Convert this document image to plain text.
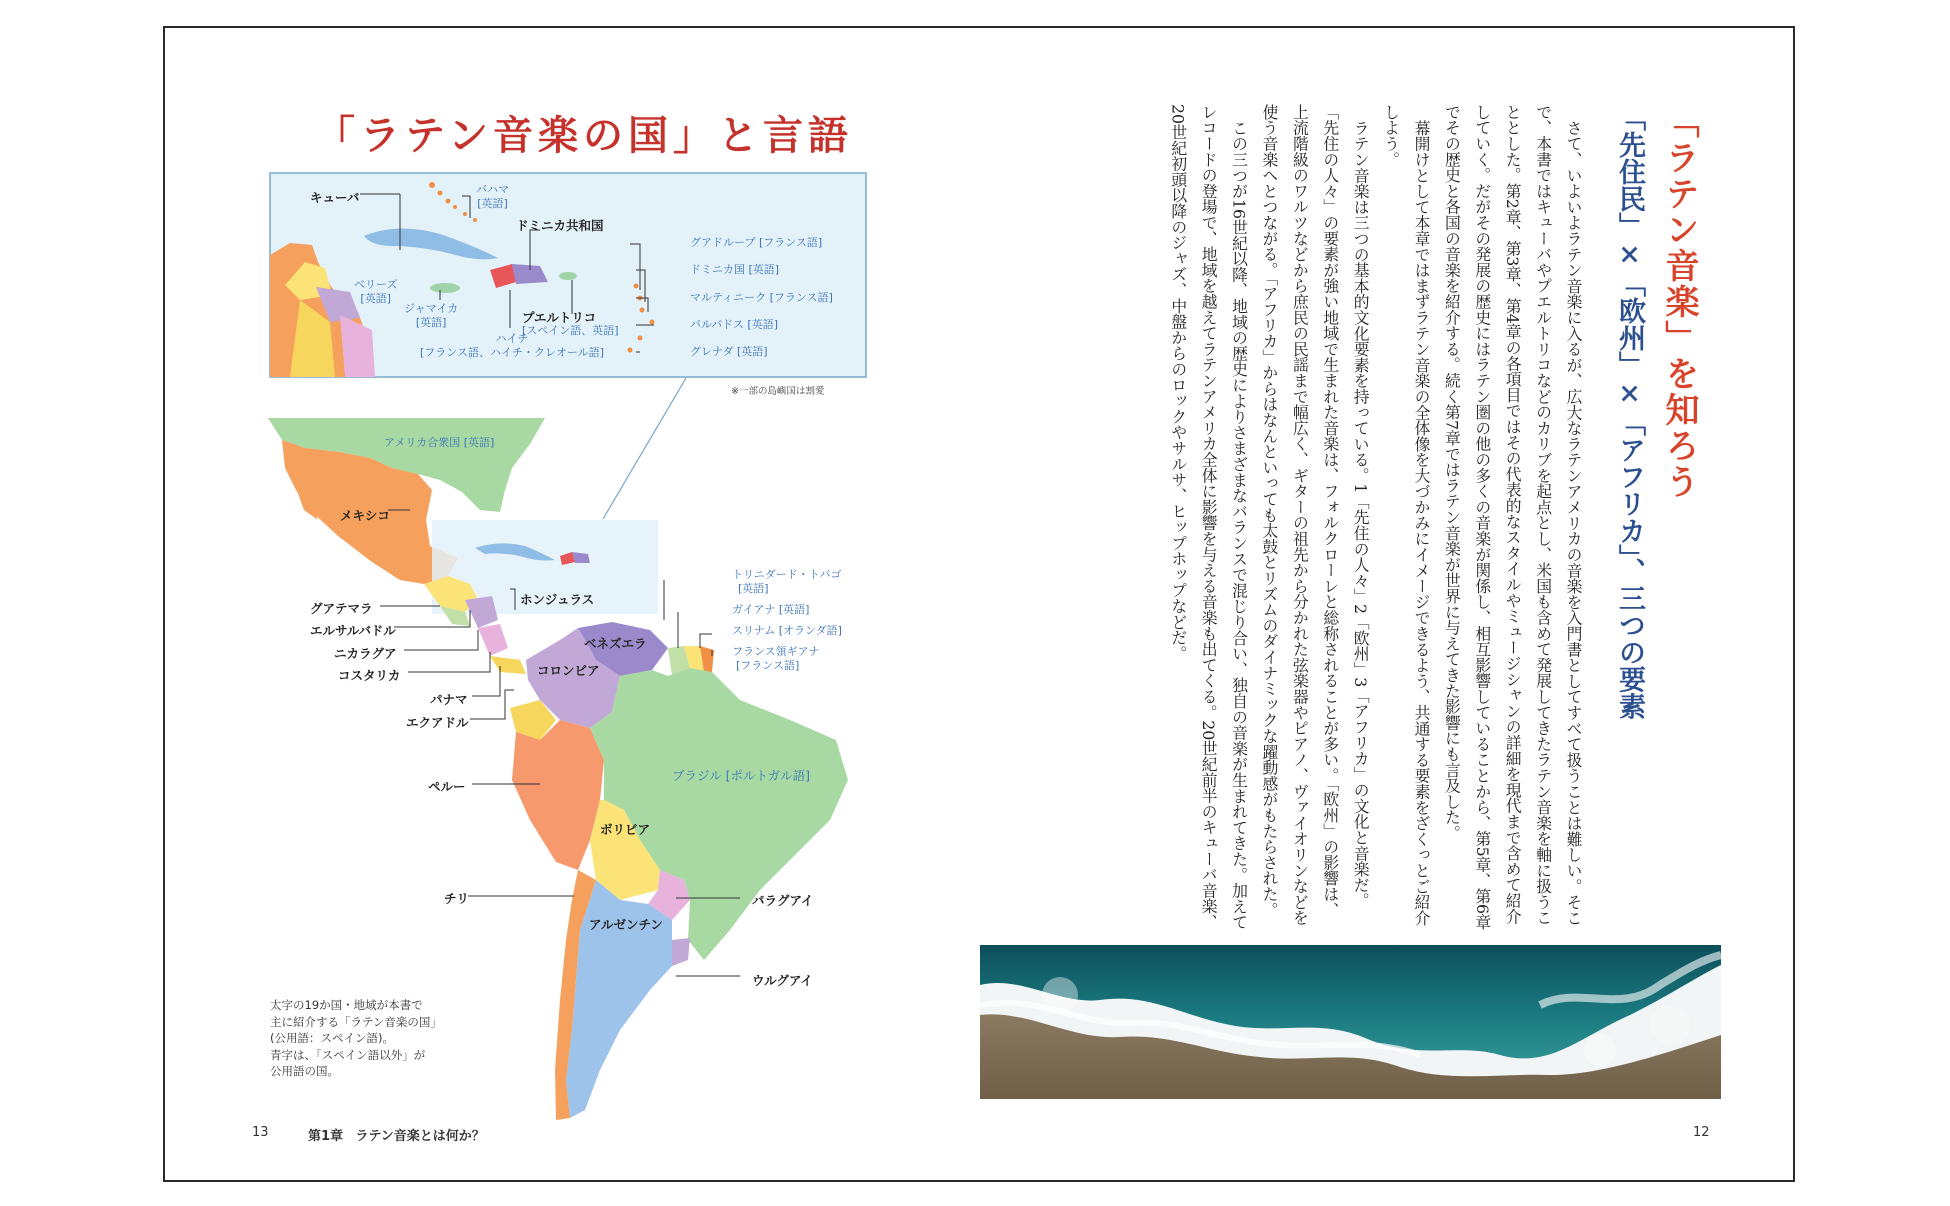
「ラテン音楽の国」と言語
キューバ
バハマ
[英語]
ドミニカ共和国
ベリーズ
[英語]
ジャマイカ
[英語]
ハイチ
[フランス語、ハイチ・クレオール語]
プエルトリコ
[スペイン語、英語]
グアドループ [フランス語]
ドミニカ国 [英語]
マルティニーク [フランス語]
バルバドス [英語]
グレナダ [英語]
※一部の島嶼国は割愛
アメリカ合衆国 [英語]
メキシコ
ホンジュラス
グアテマラ
エルサルバドル
ニカラグア
コスタリカ
パナマ
エクアドル
ベネズエラ
コロンビア
トリニダード・トバゴ
[英語]
ガイアナ [英語]
スリナム [オランダ語]
フランス領ギアナ
[フランス語]
ブラジル [ポルトガル語]
ペルー
ボリビア
チリ	パラグアイ
アルゼンチン
ウルグアイ
太字の19か国・地域が本書で
主に紹介する「ラテン音楽の国」
(公用語：スペイン語)。
青字は、「スペイン語以外」が
公用語の国。
13	第1章 ラテン音楽とは何か？	12
「ラテン音楽」を知ろう
「先住民」×「欧州」×「アフリカ」、三つの要素

さて、いよいよラテン音楽に入るが、広大なラテンアメリカの音楽を入門書としてすべて扱うことは難しい。そこで、本書ではキューバやプエルトリコなどのカリブを起点とし、米国も含めて発展してきたラテン音楽を軸に扱うこととした。第2章、第3章、第4章の各項目ではその代表的なスタイルやミュージシャンの詳細を現代まで含めて紹介していく。だがその発展の歴史にはラテン圏の他の多くの音楽が関係し、相互影響していることから、第5章、第6章でその歴史と各国の音楽を紹介する。続く第7章ではラテン音楽が世界に与えてきた影響にも言及した。

幕開けとして本章ではまずラテン音楽の全体像を大づかみにイメージできるよう、共通する要素をざくっとご紹介しよう。

ラテン音楽は三つの基本的文化要素を持っている。1「先住の人々」2「欧州」3「アフリカ」の文化と音楽だ。「先住の人々」の要素が強い地域で生まれた音楽は、フォルクローレと総称されることが多い。「欧州」の影響は、上流階級のワルツなどから庶民の民謡まで幅広く、ギターの祖先から分かれた弦楽器やピアノ、ヴァイオリンなどを使う音楽へとつながる。「アフリカ」からはなんといっても太鼓とリズムのダイナミックな躍動感がもたらされた。

この三つが16世紀以降、地域の歴史によりさまざまなバランスで混じり合い、独自の音楽が生まれてきた。加えてレコードの登場で、地域を越えてラテンアメリカ全体に影響を与える音楽も出てくる。20世紀前半のキューバ音楽、20世紀初頭以降のジャズ、中盤からのロックやサルサ、ヒップホップなどだ。
